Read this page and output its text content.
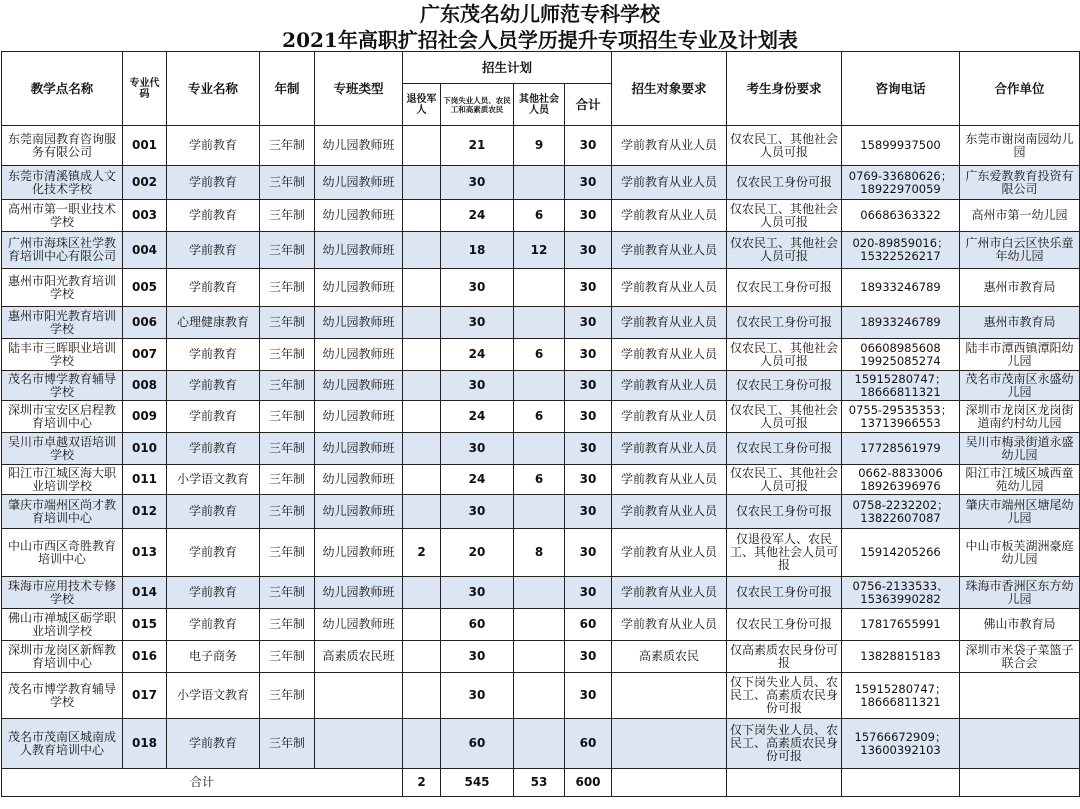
广东茂名幼儿师范专科学校
2021年高职扩招社会人员学历提升专项招生专业及计划表
教学点名称	专业代码	专业名称	年制	专班类型	招生计划				招生对象要求	考生身份要求	咨询电话	合作单位
					退役军人	下岗失业人员、农民工和高素质农民	其他社会人员	合计				
东莞南园教育咨询服务有限公司	001	学前教育	三年制	幼儿园教师班		21	9	30	学前教育从业人员	仅农民工、其他社会人员可报	15899937500	东莞市谢岗南园幼儿园
东莞市清溪镇成人文化技术学校	002	学前教育	三年制	幼儿园教师班		30		30	学前教育从业人员	仅农民工身份可报	0769-33680626；18922970059	广东爱教教育投资有限公司
高州市第一职业技术学校	003	学前教育	三年制	幼儿园教师班		24	6	30	学前教育从业人员	仅农民工、其他社会人员可报	06686363322	高州市第一幼儿园
广州市海珠区社学教育培训中心有限公司	004	学前教育	三年制	幼儿园教师班		18	12	30	学前教育从业人员	仅农民工、其他社会人员可报	020-89859016；15322526217	广州市白云区快乐童年幼儿园
惠州市阳光教育培训学校	005	学前教育	三年制	幼儿园教师班		30		30	学前教育从业人员	仅农民工身份可报	18933246789	惠州市教育局
惠州市阳光教育培训学校	006	心理健康教育	三年制	幼儿园教师班		30		30	学前教育从业人员	仅农民工身份可报	18933246789	惠州市教育局
陆丰市三晖职业培训学校	007	学前教育	三年制	幼儿园教师班		24	6	30	学前教育从业人员	仅农民工、其他社会人员可报	06608985608 19925085274	陆丰市潭西镇潭阳幼儿园
茂名市博学教育辅导学校	008	学前教育	三年制	幼儿园教师班		30		30	学前教育从业人员	仅农民工身份可报	15915280747；18666811321	茂名市茂南区永盛幼儿园
深圳市宝安区启程教育培训中心	009	学前教育	三年制	幼儿园教师班		24	6	30	学前教育从业人员	仅农民工、其他社会人员可报	0755-29535353；13713966553	深圳市龙岗区龙岗街道南约村幼儿园
吴川市卓越双语培训学校	010	学前教育	三年制	幼儿园教师班		30		30	学前教育从业人员	仅农民工身份可报	17728561979	吴川市梅录街道永盛幼儿园
阳江市江城区海大职业培训学校	011	小学语文教育	三年制	幼儿园教师班		24	6	30	学前教育从业人员	仅农民工、其他社会人员可报	0662-8833006 18926396976	阳江市江城区城西童苑幼儿园
肇庆市端州区尚才教育培训中心	012	学前教育	三年制	幼儿园教师班		30		30	学前教育从业人员	仅农民工身份可报	0758-2232202；13822607087	肇庆市端州区塘尾幼儿园
中山市西区奇胜教育培训中心	013	学前教育	三年制	幼儿园教师班	2	20	8	30	学前教育从业人员	仅退役军人、农民工、其他社会人员可报	15914205266	中山市板芙湖洲豪庭幼儿园
珠海市应用技术专修学校	014	学前教育	三年制	幼儿园教师班		30		30	学前教育从业人员	仅农民工身份可报	0756-2133533、15363990282	珠海市香洲区东方幼儿园
佛山市禅城区砺学职业培训学校	015	学前教育	三年制	幼儿园教师班		60		60	学前教育从业人员	仅农民工身份可报	17817655991	佛山市教育局
深圳市龙岗区新辉教育培训中心	016	电子商务	三年制	高素质农民班		30		30	高素质农民	仅高素质农民身份可报	13828815183	深圳市米袋子菜篮子联合会
茂名市博学教育辅导学校	017	小学语文教育	三年制			30		30		仅下岗失业人员、农民工、高素质农民身份可报	15915280747；18666811321	
茂名市茂南区城南成人教育培训中心	018	学前教育	三年制			60		60		仅下岗失业人员、农民工、高素质农民身份可报	15766672909；13600392103	
合计					2	545	53	600				
